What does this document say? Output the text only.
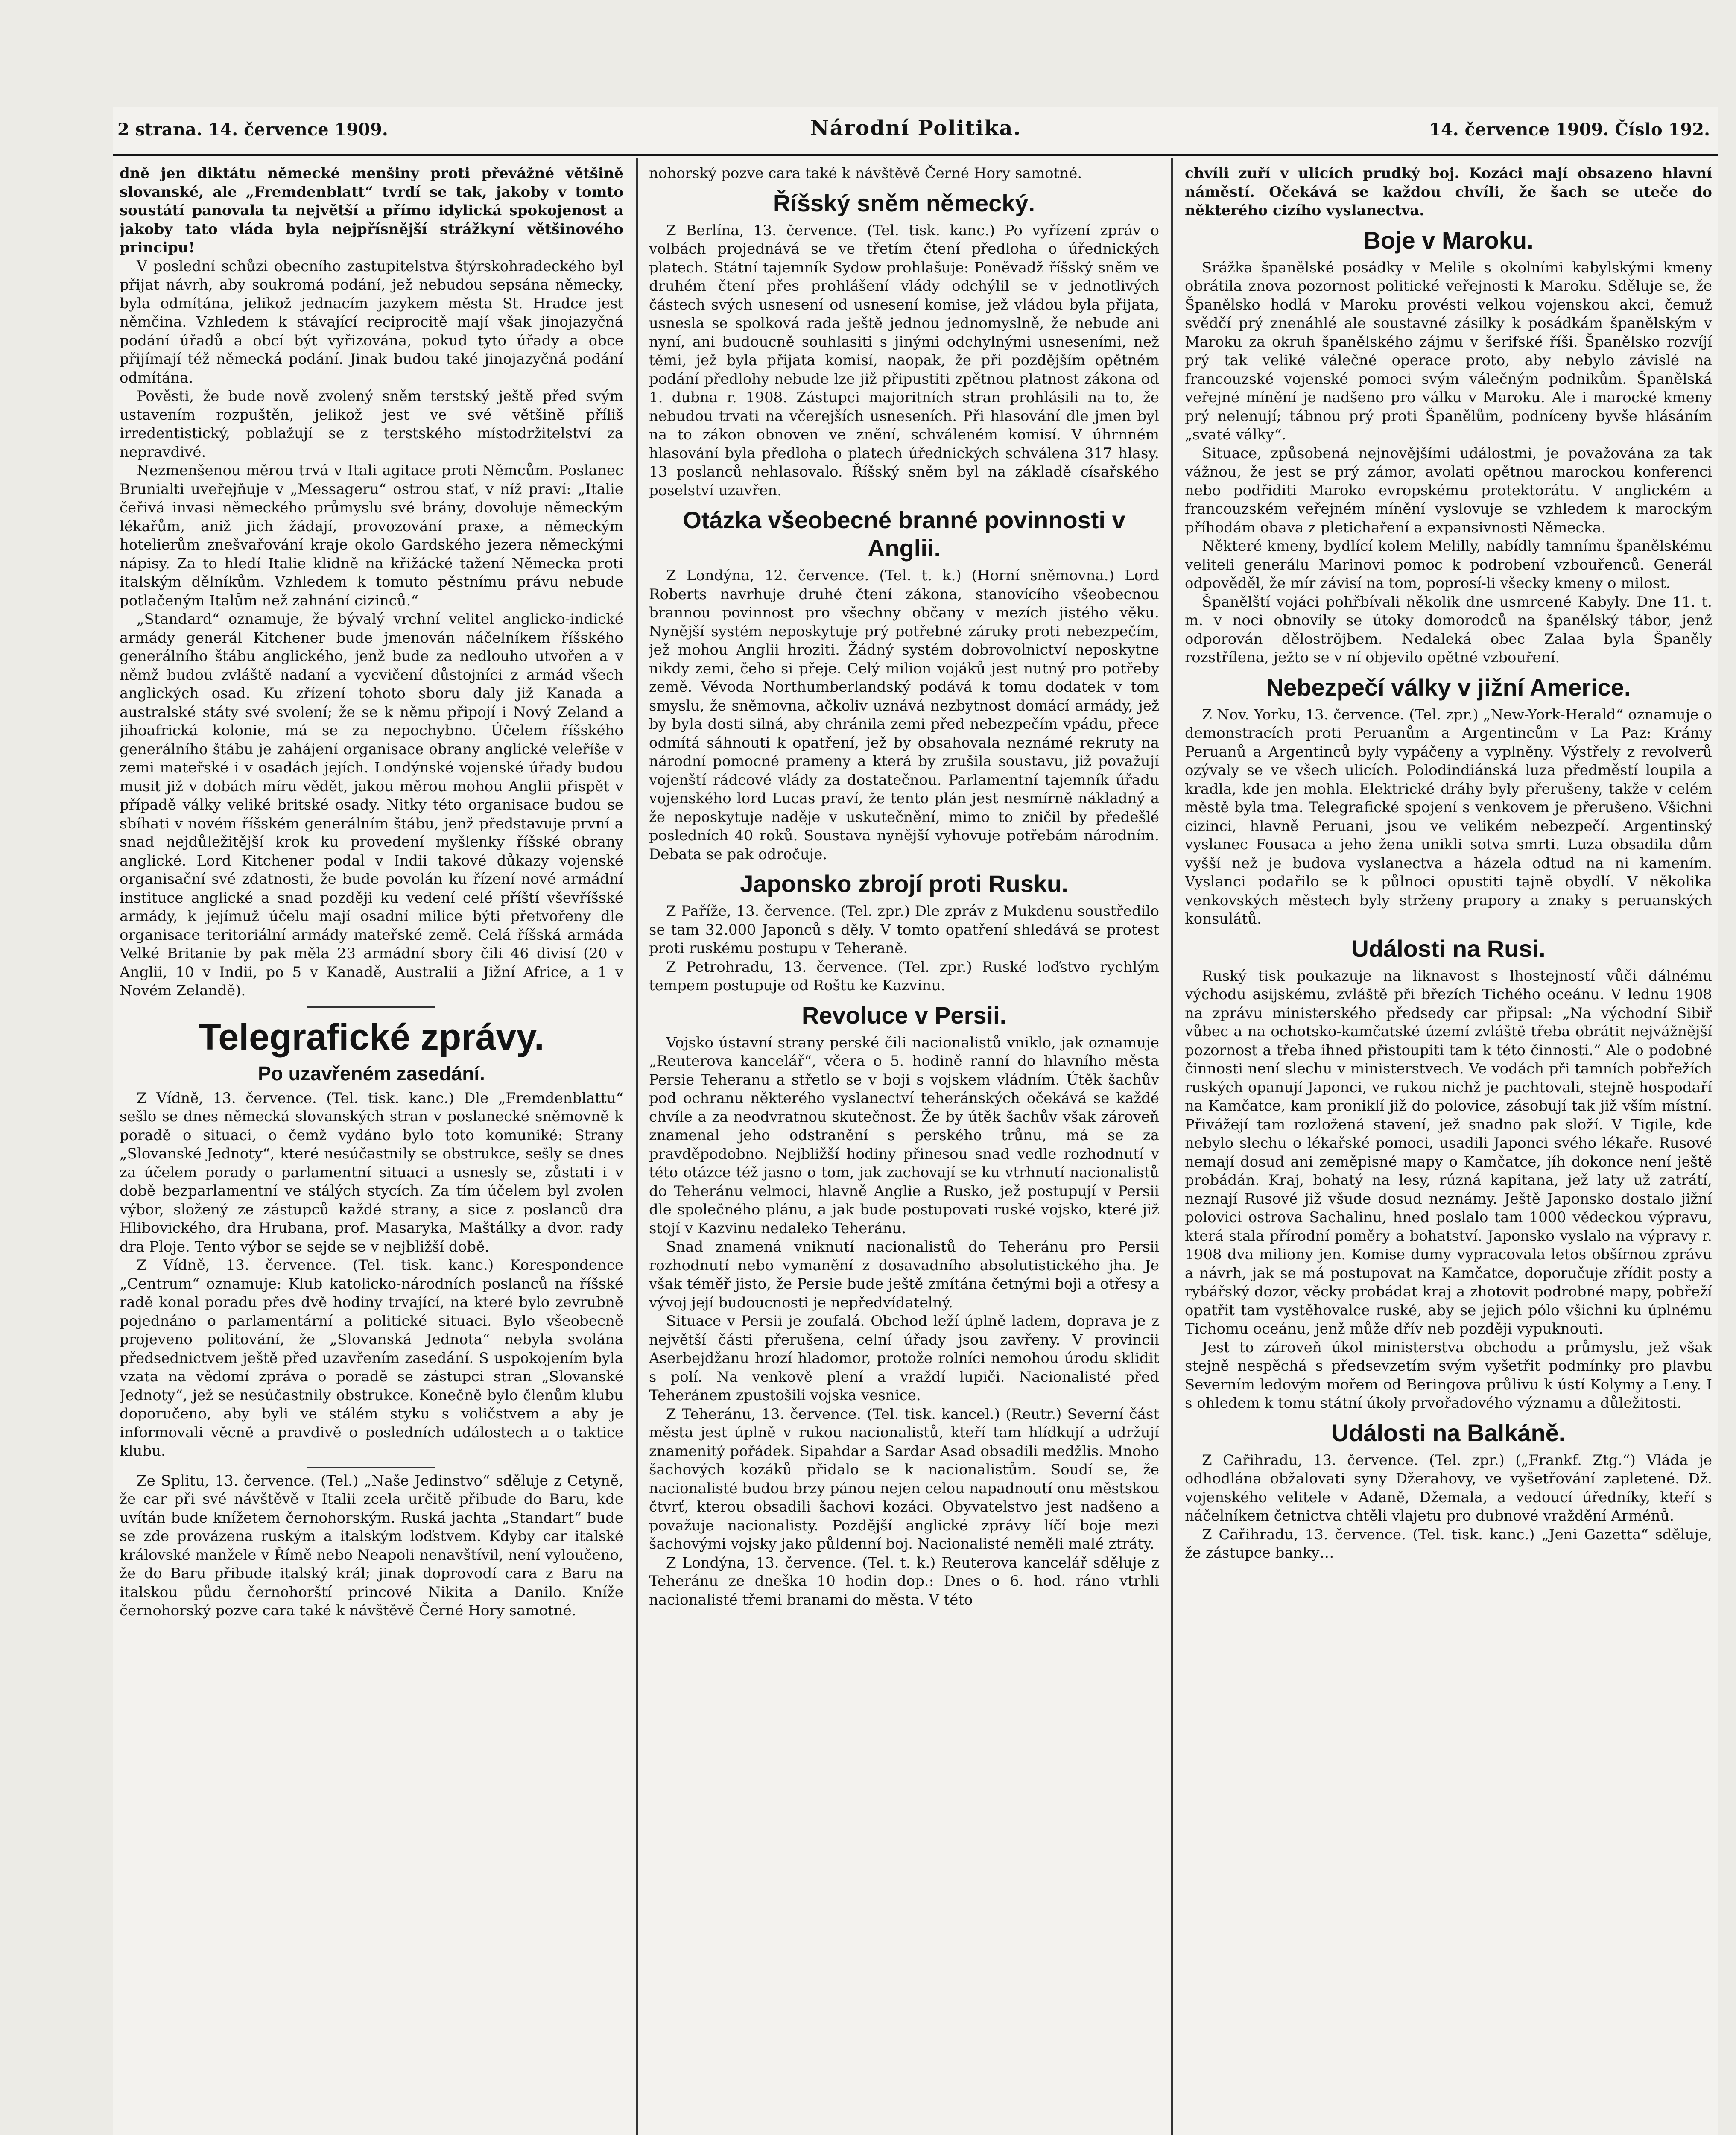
2 strana. 14. července 1909.	Národní Politika.	14. července 1909. Číslo 192.

dně jen diktátu německé menšiny proti převážné většině slovanské, ale „Fremdenblatt“ tvrdí se tak, jakoby v tomto soustátí panovala ta největší a přímo idylická spokojenost a jakoby tato vláda byla nejpřísnější strážkyní většinového principu!

V poslední schůzi obecního zastupitelstva štýrskohradeckého byl přijat návrh, aby soukromá podání, jež nebudou sepsána německy, byla odmítána, jelikož jednacím jazykem města St. Hradce jest němčina. Vzhledem k stávající reciprocitě mají však jinojazyčná podání úřadů a obcí být vyřizována, pokud tyto úřady a obce přijímají též německá podání. Jinak budou také jinojazyčná podání odmítána.

Pověsti, že bude nově zvolený sněm terstský ještě před svým ustavením rozpuštěn, jelikož jest ve své většině příliš irredentistický, poblažují se z terstského místodržitelství za nepravdivé.

Nezmenšenou měrou trvá v Itali agitace proti Němcům. Poslanec Brunialti uveřejňuje v „Messageru“ ostrou stať, v níž praví: „Italie čeřivá invasi německého průmyslu své brány, dovoluje německým lékařům, aniž jich žádají, provozování praxe, a německým hotelierům znešvařování kraje okolo Gardského jezera německými nápisy. Za to hledí Italie klidně na křižácké tažení Německa proti italským dělníkům. Vzhledem k tomuto pěstnímu právu nebude potlačeným Italům než zahnání cizinců.“

„Standard“ oznamuje, že bývalý vrchní velitel anglicko-indické armády generál Kitchener bude jmenován náčelníkem říšského generálního štábu anglického, jenž bude za nedlouho utvořen a v němž budou zvláště nadaní a vycvičení důstojníci z armád všech anglických osad. Ku zřízení tohoto sboru daly již Kanada a australské státy své svolení; že se k němu připojí i Nový Zeland a jihoafrická kolonie, má se za nepochybno. Účelem říšského generálního štábu je zahájení organisace obrany anglické veleříše v zemi mateřské i v osadách jejích. Londýnské vojenské úřady budou musit již v dobách míru vědět, jakou měrou mohou Anglii přispět v případě války veliké britské osady. Nitky této organisace budou se sbíhati v novém říšském generálním štábu, jenž představuje první a snad nejdůležitější krok ku provedení myšlenky říšské obrany anglické. Lord Kitchener podal v Indii takové důkazy vojenské organisační své zdatnosti, že bude povolán ku řízení nové armádní instituce anglické a snad později ku vedení celé příští vševříšské armády, k jejímuž účelu mají osadní milice býti přetvořeny dle organisace teritoriální armády mateřské země. Celá říšská armáda Velké Britanie by pak měla 23 armádní sbory čili 46 divisí (20 v Anglii, 10 v Indii, po 5 v Kanadě, Australii a Jižní Africe, a 1 v Novém Zelandě).

Telegrafické zprávy.
Po uzavřeném zasedání.

Z Vídně, 13. července. (Tel. tisk. kanc.) Dle „Fremdenblattu“ sešlo se dnes německá slovanských stran v poslanecké sněmovně k poradě o situaci, o čemž vydáno bylo toto komuniké: Strany „Slovanské Jednoty“, které nesúčastnily se obstrukce, sešly se dnes za účelem porady o parlamentní situaci a usnesly se, zůstati i v době bezparlamentní ve stálých stycích. Za tím účelem byl zvolen výbor, složený ze zástupců každé strany, a sice z poslanců dra Hlibovického, dra Hrubana, prof. Masaryka, Maštálky a dvor. rady dra Ploje. Tento výbor se sejde se v nejbližší době.

Z Vídně, 13. července. (Tel. tisk. kanc.) Korespondence „Centrum“ oznamuje: Klub katolicko-národních poslanců na říšské radě konal poradu přes dvě hodiny trvající, na které bylo zevrubně pojednáno o parlamentární a politické situaci. Bylo všeobecně projeveno politování, že „Slovanská Jednota“ nebyla svolána předsednictvem ještě před uzavřením zasedání. S uspokojením byla vzata na vědomí zpráva o poradě se zástupci stran „Slovanské Jednoty“, jež se nesúčastnily obstrukce. Konečně bylo členům klubu doporučeno, aby byli ve stálém styku s voličstvem a aby je informovali věcně a pravdivě o posledních událostech a o taktice klubu.

Ze Splitu, 13. července. (Tel.) „Naše Jedinstvo“ sděluje z Cetyně, že car při své návštěvě v Italii zcela určitě přibude do Baru, kde uvítán bude knížetem černohorským. Ruská jachta „Standart“ bude se zde provázena ruským a italským loďstvem. Kdyby car italské královské manžele v Římě nebo Neapoli nenavštívil, není vyloučeno, že do Baru přibude italský král; jinak doprovodí cara z Baru na italskou půdu černohorští princové Nikita a Danilo. Kníže černohorský pozve cara také k návštěvě Černé Hory samotné.

nohorský pozve cara také k návštěvě Černé Hory samotné.

Říšský sněm německý.

Z Berlína, 13. července. (Tel. tisk. kanc.) Po vyřízení zpráv o volbách projednává se ve třetím čtení předloha o úřednických platech. Státní tajemník Sydow prohlašuje: Poněvadž říšský sněm ve druhém čtení přes prohlášení vlády odchýlil se v jednotlivých částech svých usnesení od usnesení komise, jež vládou byla přijata, usnesla se spolková rada ještě jednou jednomyslně, že nebude ani nyní, ani budoucně souhlasiti s jinými odchylnými usneseními, než těmi, jež byla přijata komisí, naopak, že při pozdějším opětném podání předlohy nebude lze již připustiti zpětnou platnost zákona od 1. dubna r. 1908. Zástupci majoritních stran prohlásili na to, že nebudou trvati na včerejších usneseních. Při hlasování dle jmen byl na to zákon obnoven ve znění, schváleném komisí. V úhrnném hlasování byla předloha o platech úřednických schválena 317 hlasy. 13 poslanců nehlasovalo. Říšský sněm byl na základě císařského poselství uzavřen.

Otázka všeobecné branné povinnosti v Anglii.

Z Londýna, 12. července. (Tel. t. k.) (Horní sněmovna.) Lord Roberts navrhuje druhé čtení zákona, stanovícího všeobecnou brannou povinnost pro všechny občany v mezích jistého věku. Nynější systém neposkytuje prý potřebné záruky proti nebezpečím, jež mohou Anglii hroziti. Žádný systém dobrovolnictví neposkytne nikdy zemi, čeho si přeje. Celý milion vojáků jest nutný pro potřeby země. Vévoda Northumberlandský podává k tomu dodatek v tom smyslu, že sněmovna, ačkoliv uznává nezbytnost domácí armády, jež by byla dosti silná, aby chránila zemi před nebezpečím vpádu, přece odmítá sáhnouti k opatření, jež by obsahovala neznámé rekruty na národní pomocné prameny a která by zrušila soustavu, již považují vojenští rádcové vlády za dostatečnou. Parlamentní tajemník úřadu vojenského lord Lucas praví, že tento plán jest nesmírně nákladný a že neposkytuje naděje v uskutečnění, mimo to zničil by předešlé posledních 40 roků. Soustava nynější vyhovuje potřebám národním. Debata se pak odročuje.

Japonsko zbrojí proti Rusku.

Z Paříže, 13. července. (Tel. zpr.) Dle zpráv z Mukdenu soustředilo se tam 32.000 Japonců s děly. V tomto opatření shledává se protest proti ruskému postupu v Teheraně.

Z Petrohradu, 13. července. (Tel. zpr.) Ruské loďstvo rychlým tempem postupuje od Roštu ke Kazvinu.

Revoluce v Persii.

Vojsko ústavní strany perské čili nacionalistů vniklo, jak oznamuje „Reuterova kancelář“, včera o 5. hodině ranní do hlavního města Persie Teheranu a střetlo se v boji s vojskem vládním. Útěk šachův pod ochranu některého vyslanectví teheránských očekává se každé chvíle a za neodvratnou skutečnost. Že by útěk šachův však zároveň znamenal jeho odstranění s perského trůnu, má se za pravděpodobno. Nejbližší hodiny přinesou snad vedle rozhodnutí v této otázce též jasno o tom, jak zachovají se ku vtrhnutí nacionalistů do Teheránu velmoci, hlavně Anglie a Rusko, jež postupují v Persii dle společného plánu, a jak bude postupovati ruské vojsko, které již stojí v Kazvinu nedaleko Teheránu.

Snad znamená vniknutí nacionalistů do Teheránu pro Persii rozhodnutí nebo vymanění z dosavadního absolutistického jha. Je však téměř jisto, že Persie bude ještě zmítána četnými boji a otřesy a vývoj její budoucnosti je nepředvídatelný.

Situace v Persii je zoufalá. Obchod leží úplně ladem, doprava je z největší části přerušena, celní úřady jsou zavřeny. V provincii Aserbejdžanu hrozí hladomor, protože rolníci nemohou úrodu sklidit s polí. Na venkově plení a vraždí lupiči. Nacionalisté před Teheránem zpustošili vojska vesnice.

Z Teheránu, 13. července. (Tel. tisk. kancel.) (Reutr.) Severní část města jest úplně v rukou nacionalistů, kteří tam hlídkují a udržují znamenitý pořádek. Sipahdar a Sardar Asad obsadili medžlis. Mnoho šachových kozáků přidalo se k nacionalistům. Soudí se, že nacionalisté budou brzy pánou nejen celou napadnoutí onu městskou čtvrť, kterou obsadili šachovi kozáci. Obyvatelstvo jest nadšeno a považuje nacionalisty. Pozdější anglické zprávy líčí boje mezi šachovými vojsky jako půldenní boj. Nacionalisté neměli malé ztráty.

Z Londýna, 13. července. (Tel. t. k.) Reuterova kancelář sděluje z Teheránu ze dneška 10 hodin dop.: Dnes o 6. hod. ráno vtrhli nacionalisté třemi branami do města. V této

chvíli zuří v ulicích prudký boj. Kozáci mají obsazeno hlavní náměstí. Očekává se každou chvíli, že šach se uteče do některého cizího vyslanectva.

Boje v Maroku.

Srážka španělské posádky v Melile s okolními kabylskými kmeny obrátila znova pozornost politické veřejnosti k Maroku. Sděluje se, že Španělsko hodlá v Maroku provésti velkou vojenskou akci, čemuž svědčí prý znenáhlé ale soustavné zásilky k posádkám španělským v Maroku za okruh španělského zájmu v šerifské říši. Španělsko rozvíjí prý tak veliké válečné operace proto, aby nebylo závislé na francouzské vojenské pomoci svým válečným podnikům. Španělská veřejné mínění je nadšeno pro válku v Maroku. Ale i marocké kmeny prý nelenují; tábnou prý proti Španělům, podníceny byvše hlásáním „svaté války“.

Situace, způsobená nejnovějšími událostmi, je považována za tak vážnou, že jest se prý zámor, avolati opětnou marockou konferenci nebo podřiditi Maroko evropskému protektorátu. V anglickém a francouzském veřejném mínění vyslovuje se vzhledem k marockým příhodám obava z pletichaření a expansivnosti Německa.

Některé kmeny, bydlící kolem Melilly, nabídly tamnímu španělskému veliteli generálu Marinovi pomoc k podrobení vzbouřenců. Generál odpověděl, že mír závisí na tom, poprosí-li všecky kmeny o milost.

Španělští vojáci pohřbívali několik dne usmrcené Kabyly. Dne 11. t. m. v noci obnovily se útoky domorodců na španělský tábor, jenž odporován děloströjbem. Nedaleká obec Zalaa byla Španěly rozstřílena, ježto se v ní objevilo opětné vzbouření.

Nebezpečí války v jižní Americe.

Z Nov. Yorku, 13. července. (Tel. zpr.) „New-York-Herald“ oznamuje o demonstracích proti Peruanům a Argentincům v La Paz: Krámy Peruanů a Argentinců byly vypáčeny a vyplněny. Výstřely z revolverů ozývaly se ve všech ulicích. Polodindiánská luza předměstí loupila a kradla, kde jen mohla. Elektrické dráhy byly přerušeny, takže v celém městě byla tma. Telegrafické spojení s venkovem je přerušeno. Všichni cizinci, hlavně Peruani, jsou ve velikém nebezpečí. Argentinský vyslanec Fousaca a jeho žena unikli sotva smrti. Luza obsadila dům vyšší než je budova vyslanectva a házela odtud na ni kamením. Vyslanci podařilo se k půlnoci opustiti tajně obydlí. V několika venkovských městech byly strženy prapory a znaky s peruanských konsulátů.

Události na Rusi.

Ruský tisk poukazuje na liknavost s lhostejností vůči dálnému východu asijskému, zvláště při březích Tichého oceánu. V lednu 1908 na zprávu ministerského předsedy car připsal: „Na východní Sibiř vůbec a na ochotsko-kamčatské území zvláště třeba obrátit nejvážnější pozornost a třeba ihned přistoupiti tam k této činnosti.“ Ale o podobné činnosti není slechu v ministerstvech. Ve vodách při tamních pobřežích ruských opanují Japonci, ve rukou nichž je pachtovali, stejně hospodaří na Kamčatce, kam proniklí již do polovice, zásobují tak již vším místní. Přivážejí tam rozložená stavení, jež snadno pak složí. V Tigile, kde nebylo slechu o lékařské pomoci, usadili Japonci svého lékaře. Rusové nemají dosud ani zeměpisné mapy o Kamčatce, jíh dokonce není ještě probádán. Kraj, bohatý na lesy, rúzná kapitana, jež laty už zatrátí, neznají Rusové již všude dosud neznámy. Ještě Japonsko dostalo jižní polovici ostrova Sachalinu, hned poslalo tam 1000 vědeckou výpravu, která stala přírodní poměry a bohatství. Japonsko vyslalo na výpravy r. 1908 dva miliony jen. Komise dumy vypracovala letos obšírnou zprávu a návrh, jak se má postupovat na Kamčatce, doporučuje zřídit posty a rybářský dozor, věcky probádat kraj a zhotovit podrobné mapy, pobřeží opatřit tam vystěhovalce ruské, aby se jejich pólo všichni ku úplnému Tichomu oceánu, jenž může dřív neb později vypuknouti.

Jest to zároveň úkol ministerstva obchodu a průmyslu, jež však stejně nespěchá s předsevzetím svým vyšetřit podmínky pro plavbu Severním ledovým mořem od Beringova průlivu k ústí Kolymy a Leny. I s ohledem k tomu státní úkoly prvořadového významu a důležitosti.

Události na Balkáně.

Z Cařihradu, 13. července. (Tel. zpr.) („Frankf. Ztg.“) Vláda je odhodlána obžalovati syny Džerahovy, ve vyšetřování zapletené. Dž. vojenského velitele v Adaně, Džemala, a vedoucí úředníky, kteří s náčelníkem četnictva chtěli vlajetu pro dubnové vraždění Arménů.

Z Cařihradu, 13. července. (Tel. tisk. kanc.) „Jeni Gazetta“ sděluje, že zástupce banky…
